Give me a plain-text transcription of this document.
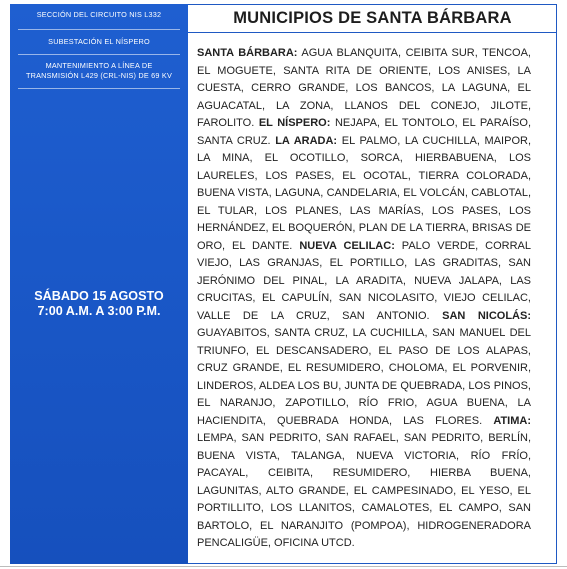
SECCIÓN DEL CIRCUITO NIS L332
SUBESTACIÓN EL NÍSPERO
MANTENIMIENTO A LÍNEA DE
TRANSMISIÓN L429 (CRL-NIS) DE 69 KV
SÁBADO 15 AGOSTO
7:00 A.M. A 3:00 P.M.
MUNICIPIOS DE SANTA BÁRBARA
SANTA BÁRBARA: AGUA BLANQUITA, CEIBITA SUR, TENCOA, EL MOGUETE, SANTA RITA DE ORIENTE, LOS ANISES, LA CUESTA, CERRO GRANDE, LOS BANCOS, LA LAGUNA, EL AGUACATAL, LA ZONA, LLANOS DEL CONEJO, JILOTE, FAROLITO. EL NÍSPERO: NEJAPA, EL TONTOLO, EL PARAÍSO, SANTA CRUZ. LA ARADA: EL PALMO, LA CUCHILLA, MAIPOR, LA MINA, EL OCOTILLO, SORCA, HIERBABUENA, LOS LAURELES, LOS PASES, EL OCOTAL, TIERRA COLORADA, BUENA VISTA, LAGUNA, CANDELARIA, EL VOLCÁN, CABLOTAL, EL TULAR, LOS PLANES, LAS MARÍAS, LOS PASES, LOS HERNÁNDEZ, EL BOQUERÓN, PLAN DE LA TIERRA, BRISAS DE ORO, EL DANTE. NUEVA CELILAC: PALO VERDE, CORRAL VIEJO, LAS GRANJAS, EL PORTILLO, LAS GRADITAS, SAN JERÓNIMO DEL PINAL, LA ARADITA, NUEVA JALAPA, LAS CRUCITAS, EL CAPULÍN, SAN NICOLASITO, VIEJO CELILAC, VALLE DE LA CRUZ, SAN ANTONIO. SAN NICOLÁS: GUAYABITOS, SANTA CRUZ, LA CUCHILLA, SAN MANUEL DEL TRIUNFO, EL DESCANSADERO, EL PASO DE LOS ALAPAS, CRUZ GRANDE, EL RESUMIDERO, CHOLOMA, EL PORVENIR, LINDEROS, ALDEA LOS BU, JUNTA DE QUEBRADA, LOS PINOS, EL NARANJO, ZAPOTILLO, RÍO FRIO, AGUA BUENA, LA HACIENDITA, QUEBRADA HONDA, LAS FLORES. ATIMA: LEMPA, SAN PEDRITO, SAN RAFAEL, SAN PEDRITO, BERLÍN, BUENA VISTA, TALANGA, NUEVA VICTORIA, RÍO FRÍO, PACAYAL, CEIBITA, RESUMIDERO, HIERBA BUENA, LAGUNITAS, ALTO GRANDE, EL CAMPESINADO, EL YESO, EL PORTILLITO, LOS LLANITOS, CAMALOTES, EL CAMPO, SAN BARTOLO, EL NARANJITO (POMPOA), HIDROGENERADORA PENCALIGÜE, OFICINA UTCD.
